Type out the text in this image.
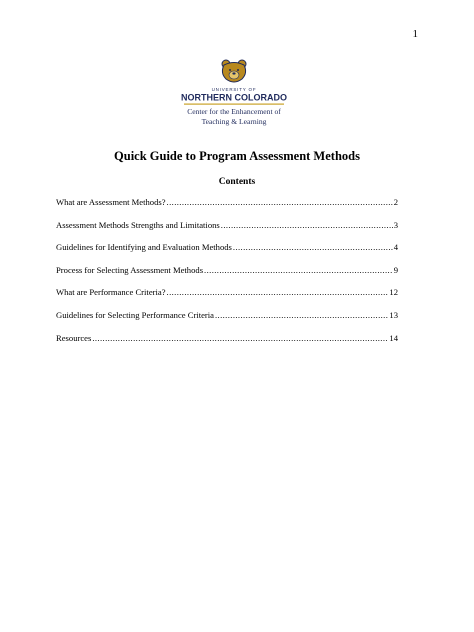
1
UNIVERSITY OF
NORTHERN COLORADO
Center for the Enhancement of
Teaching & Learning
Quick Guide to Program Assessment Methods
Contents
What are Assessment Methods? .....	2
Assessment Methods Strengths and Limitations .....	3
Guidelines for Identifying and Evaluation Methods .....	4
Process for Selecting Assessment Methods .....	9
What are Performance Criteria? .....	12
Guidelines for Selecting Performance Criteria .....	13
Resources .....	14
